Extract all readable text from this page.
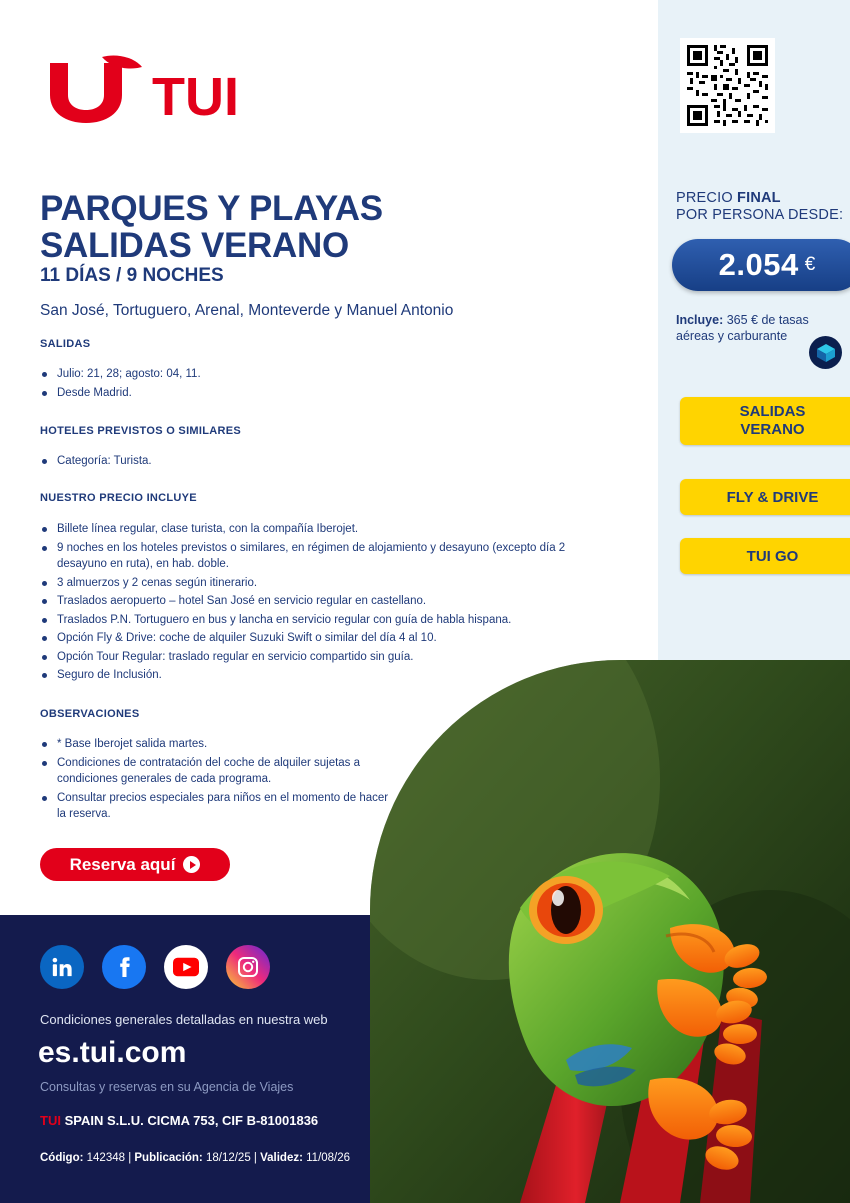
PRECIO FINAL
POR PERSONA DESDE:
2.054 €
Incluye: 365 € de tasas aéreas y carburante
SALIDAS
VERANO
FLY & DRIVE
TUI GO
TUI
PARQUES Y PLAYAS
SALIDAS VERANO
11 DÍAS / 9 NOCHES
San José, Tortuguero, Arenal, Monteverde y Manuel Antonio
SALIDAS
Julio: 21, 28; agosto: 04, 11.
Desde Madrid.
HOTELES PREVISTOS O SIMILARES
Categoría: Turista.
NUESTRO PRECIO INCLUYE
Billete línea regular, clase turista, con la compañía Iberojet.
9 noches en los hoteles previstos o similares, en régimen de alojamiento y desayuno (excepto día 2 desayuno en ruta), en hab. doble.
3 almuerzos y 2 cenas según itinerario.
Traslados aeropuerto – hotel San José en servicio regular en castellano.
Traslados P.N. Tortuguero en bus y lancha en servicio regular con guía de habla hispana.
Opción Fly & Drive: coche de alquiler Suzuki Swift o similar del día 4 al 10.
Opción Tour Regular: traslado regular en servicio compartido sin guía.
Seguro de Inclusión.
OBSERVACIONES
* Base Iberojet salida martes.
Condiciones de contratación del coche de alquiler sujetas a condiciones generales de cada programa.
Consultar precios especiales para niños en el momento de hacer la reserva.
Reserva aquí
Condiciones generales detalladas en nuestra web
es.tui.com
Consultas y reservas en su Agencia de Viajes
TUI SPAIN S.L.U. CICMA 753, CIF B-81001836
Código: 142348 | Publicación: 18/12/25 | Validez: 11/08/26
